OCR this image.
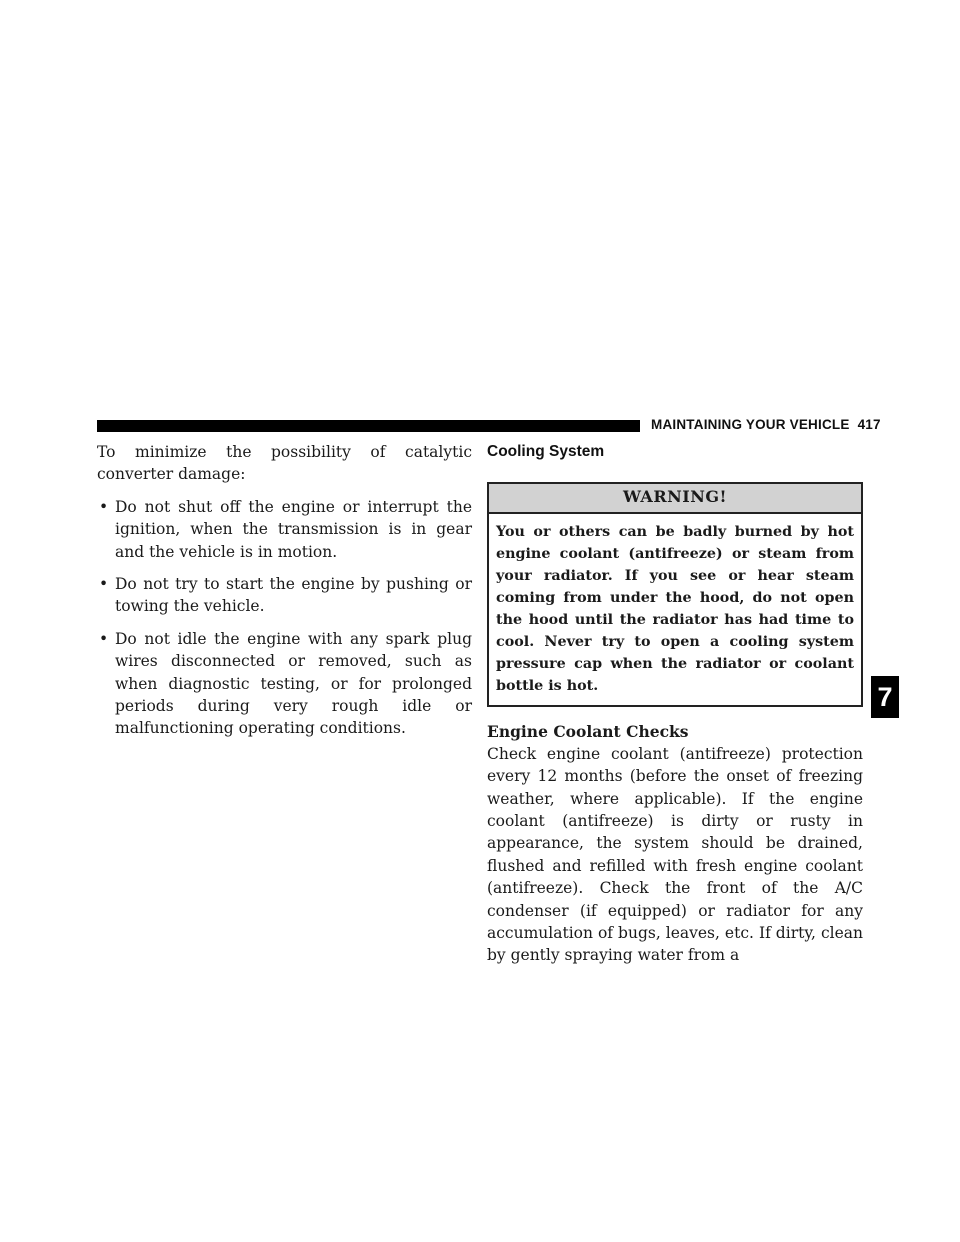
MAINTAINING YOUR VEHICLE 417

To minimize the possibility of catalytic converter damage:

• Do not shut off the engine or interrupt the ignition, when the transmission is in gear and the vehicle is in motion.
• Do not try to start the engine by pushing or towing the vehicle.
• Do not idle the engine with any spark plug wires disconnected or removed, such as when diagnostic testing, or for prolonged periods during very rough idle or malfunctioning operating conditions.
Cooling System
WARNING!
You or others can be badly burned by hot engine coolant (antifreeze) or steam from your radiator. If you see or hear steam coming from under the hood, do not open the hood until the radiator has had time to cool. Never try to open a cooling system pressure cap when the radiator or coolant bottle is hot.
Engine Coolant Checks

Check engine coolant (antifreeze) protection every 12 months (before the onset of freezing weather, where applicable). If the engine coolant (antifreeze) is dirty or rusty in appearance, the system should be drained, flushed and refilled with fresh engine coolant (antifreeze). Check the front of the A/C condenser (if equipped) or radiator for any accumulation of bugs, leaves, etc. If dirty, clean by gently spraying water from a

7
